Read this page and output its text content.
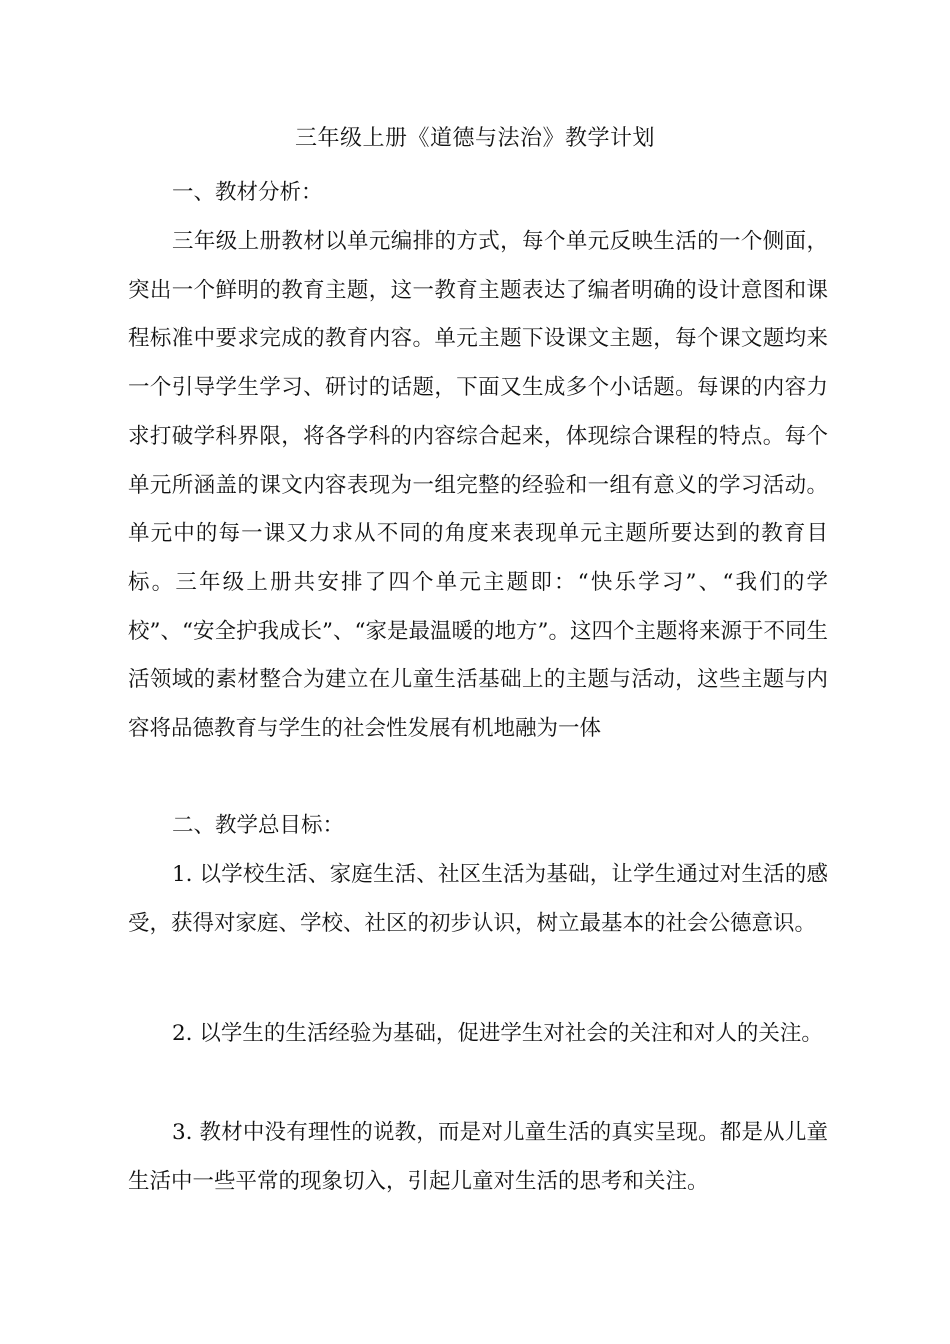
三年级上册《道德与法治》教学计划

一、教材分析：

三年级上册教材以单元编排的方式，每个单元反映生活的一个侧面，突出一个鲜明的教育主题，这一教育主题表达了编者明确的设计意图和课程标准中要求完成的教育内容。单元主题下设课文主题，每个课文题均来一个引导学生学习、研讨的话题，下面又生成多个小话题。每课的内容力求打破学科界限，将各学科的内容综合起来，体现综合课程的特点。每个单元所涵盖的课文内容表现为一组完整的经验和一组有意义的学习活动。单元中的每一课又力求从不同的角度来表现单元主题所要达到的教育目标。三年级上册共安排了四个单元主题即：“快乐学习”、“我们的学校”、“安全护我成长”、“家是最温暖的地方”。这四个主题将来源于不同生活领域的素材整合为建立在儿童生活基础上的主题与活动，这些主题与内容将品德教育与学生的社会性发展有机地融为一体

二、教学总目标：

1. 以学校生活、家庭生活、社区生活为基础，让学生通过对生活的感受，获得对家庭、学校、社区的初步认识，树立最基本的社会公德意识。

2. 以学生的生活经验为基础，促进学生对社会的关注和对人的关注。

3. 教材中没有理性的说教，而是对儿童生活的真实呈现。都是从儿童生活中一些平常的现象切入，引起儿童对生活的思考和关注。
